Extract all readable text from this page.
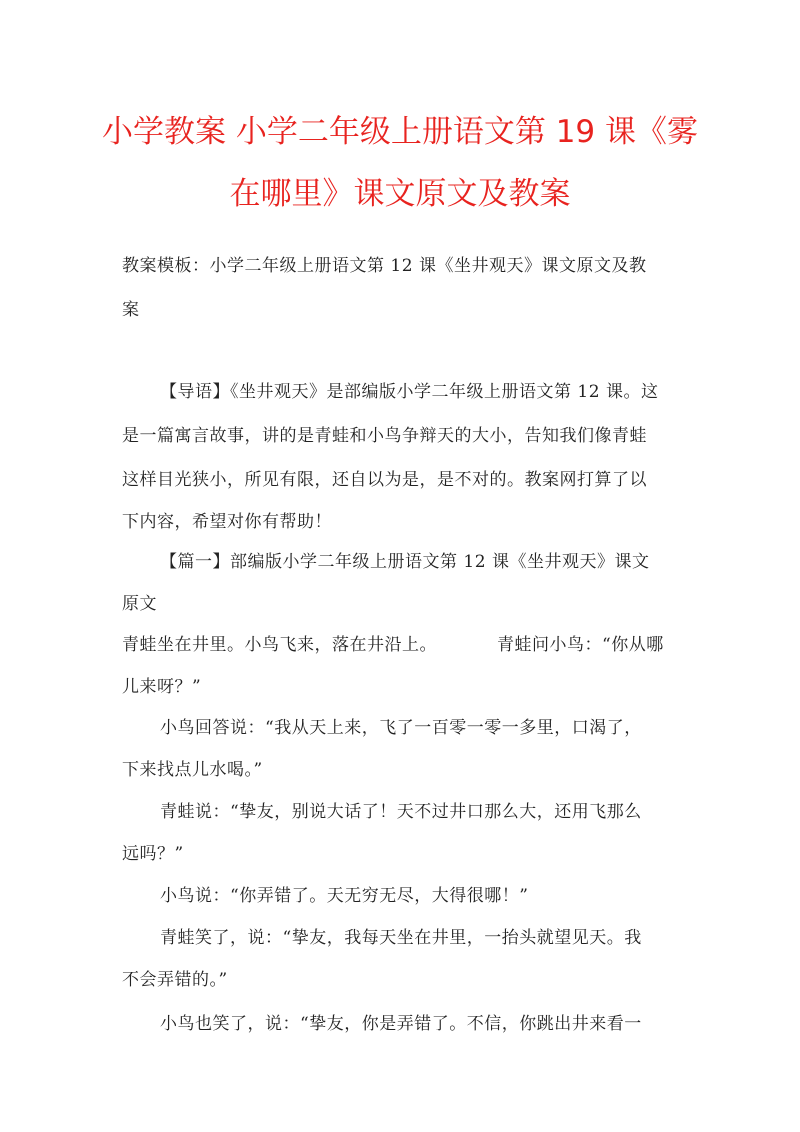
小学教案 小学二年级上册语文第 19 课《雾
在哪里》课文原文及教案
教案模板：小学二年级上册语文第 12 课《坐井观天》课文原文及教
案
【导语】《坐井观天》是部编版小学二年级上册语文第 12 课。这
是一篇寓言故事，讲的是青蛙和小鸟争辩天的大小，告知我们像青蛙
这样目光狭小，所见有限，还自以为是，是不对的。教案网打算了以
下内容，希望对你有帮助！
【篇一】部编版小学二年级上册语文第 12 课《坐井观天》课文
原文
青蛙坐在井里。小鸟飞来，落在井沿上。	青蛙问小鸟：“你从哪
儿来呀？”
小鸟回答说：“我从天上来，飞了一百零一零一多里，口渴了，
下来找点儿水喝。”
青蛙说：“挚友，别说大话了！天不过井口那么大，还用飞那么
远吗？”
小鸟说：“你弄错了。天无穷无尽，大得很哪！”
青蛙笑了，说：“挚友，我每天坐在井里，一抬头就望见天。我
不会弄错的。”
小鸟也笑了，说：“挚友，你是弄错了。不信，你跳出井来看一
